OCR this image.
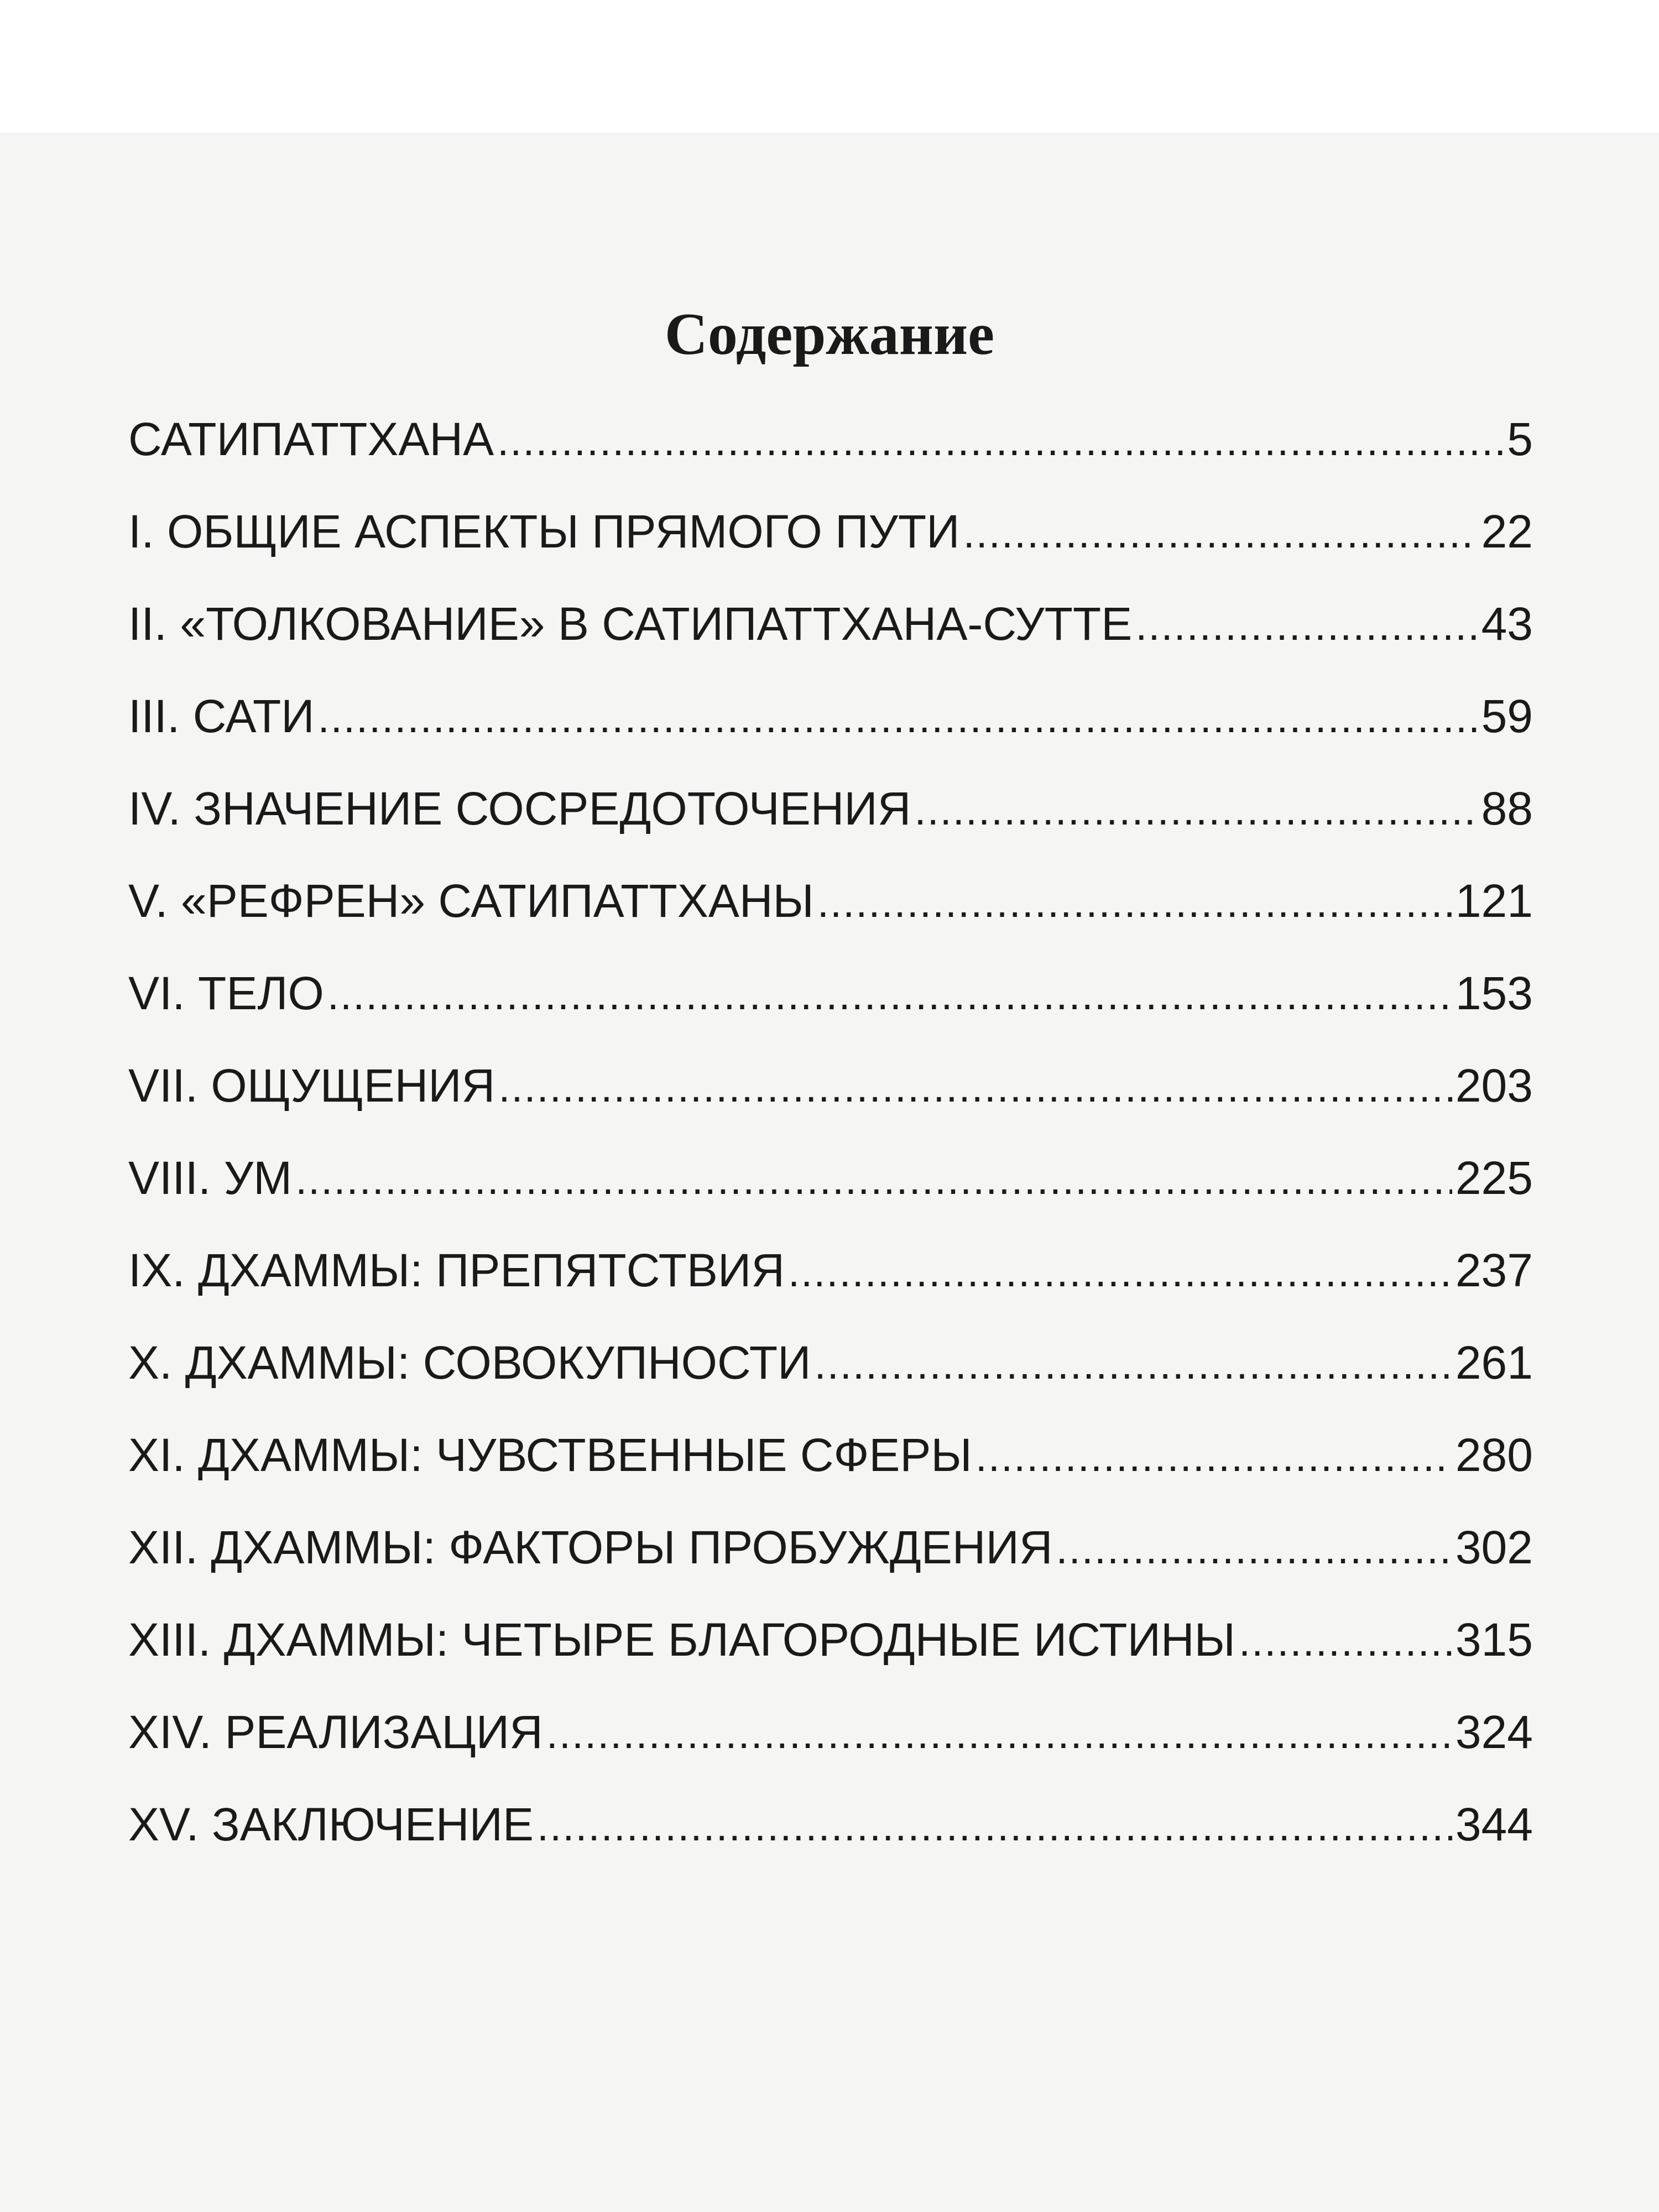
Содержание
САТИПАТТХАНА .....	5
I. ОБЩИЕ АСПЕКТЫ ПРЯМОГО ПУТИ .....	22
II. «ТОЛКОВАНИЕ» В САТИПАТТХАНА-СУТТЕ .....	43
III. САТИ .....	59
IV. ЗНАЧЕНИЕ СОСРЕДОТОЧЕНИЯ .....	88
V. «РЕФРЕН» САТИПАТТХАНЫ .....	121
VI. ТЕЛО .....	153
VII. ОЩУЩЕНИЯ .....	203
VIII. УМ .....	225
IX. ДХАММЫ: ПРЕПЯТСТВИЯ .....	237
X. ДХАММЫ: СОВОКУПНОСТИ .....	261
XI. ДХАММЫ: ЧУВСТВЕННЫЕ СФЕРЫ .....	280
XII. ДХАММЫ: ФАКТОРЫ ПРОБУЖДЕНИЯ .....	302
XIII. ДХАММЫ: ЧЕТЫРЕ БЛАГОРОДНЫЕ ИСТИНЫ .....	315
XIV. РЕАЛИЗАЦИЯ .....	324
XV. ЗАКЛЮЧЕНИЕ .....	344
